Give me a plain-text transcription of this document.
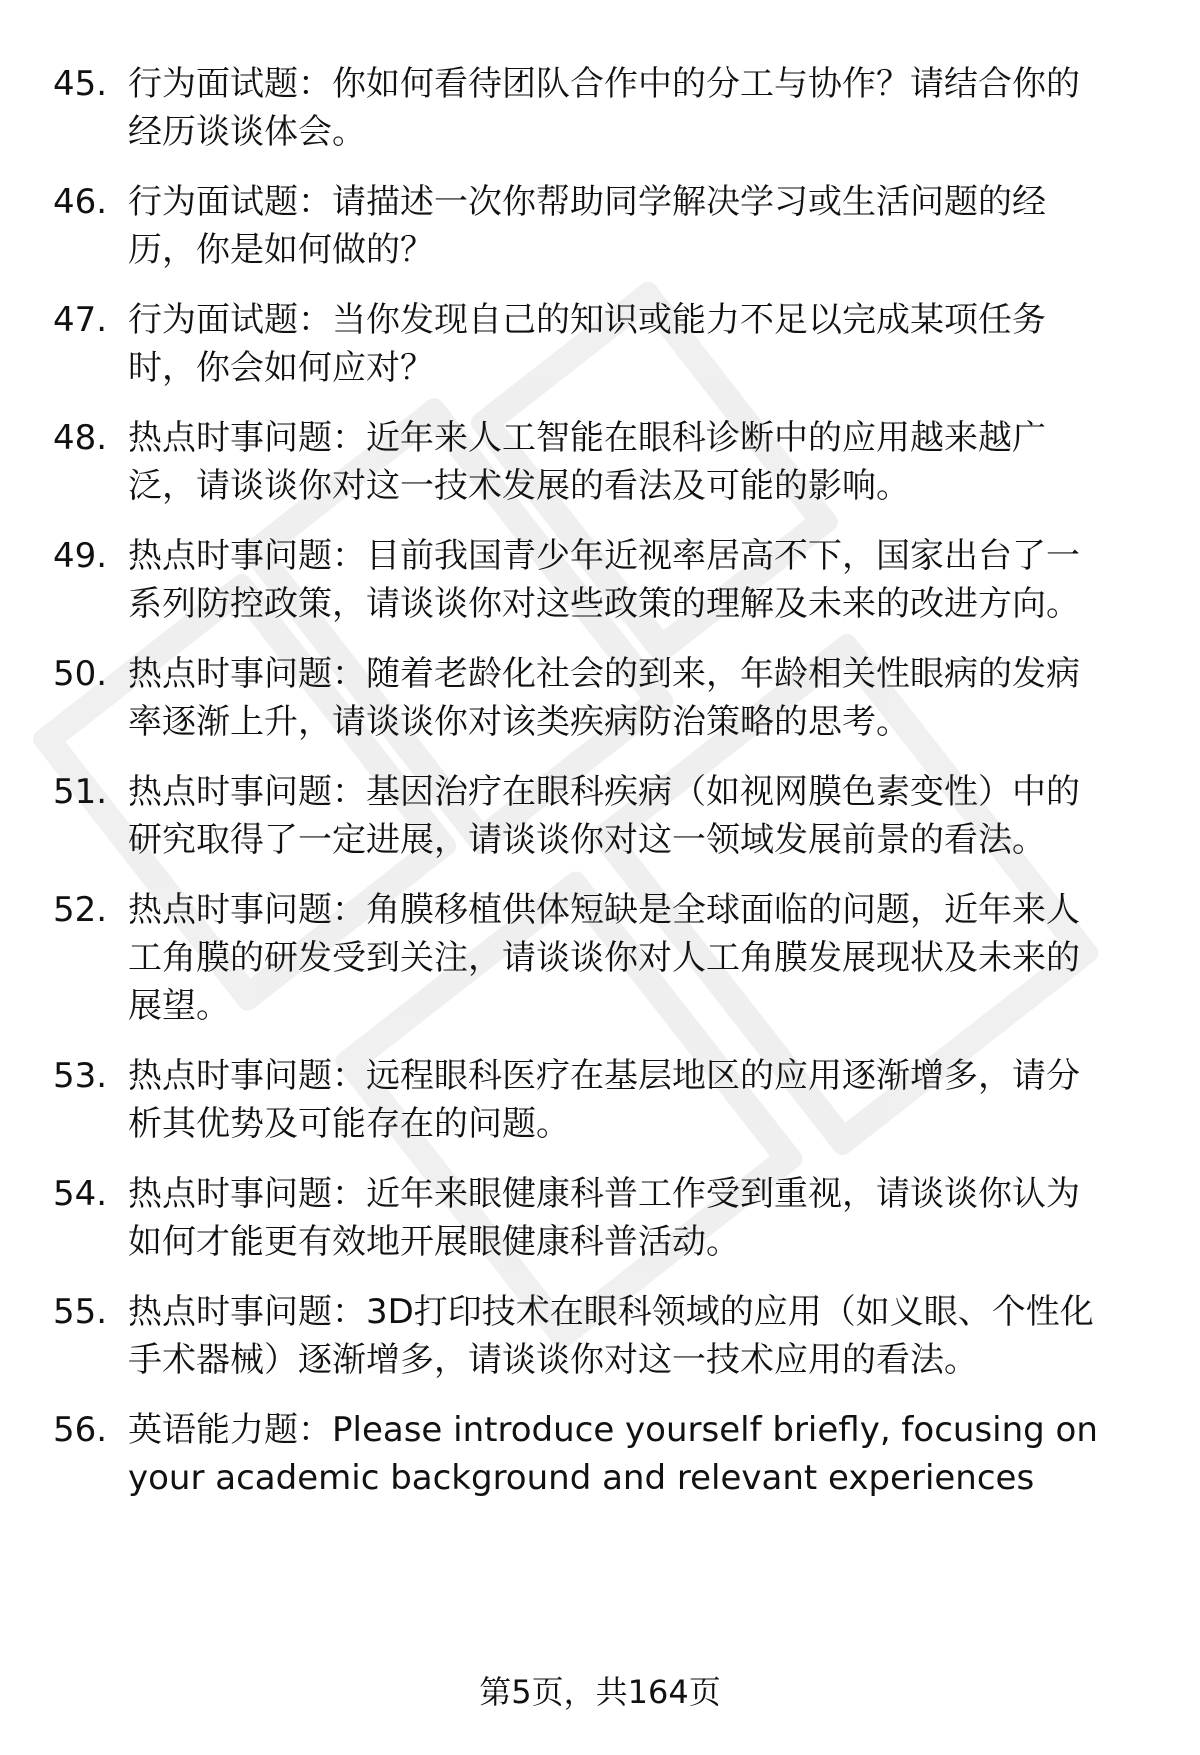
45. 行为面试题：你如何看待团队合作中的分工与协作？请结合你的
经历谈谈体会。
46. 行为面试题：请描述一次你帮助同学解决学习或生活问题的经
历，你是如何做的？
47. 行为面试题：当你发现自己的知识或能力不足以完成某项任务
时，你会如何应对？
48. 热点时事问题：近年来人工智能在眼科诊断中的应用越来越广
泛，请谈谈你对这一技术发展的看法及可能的影响。
49. 热点时事问题：目前我国青少年近视率居高不下，国家出台了一
系列防控政策，请谈谈你对这些政策的理解及未来的改进方向。
50. 热点时事问题：随着老龄化社会的到来，年龄相关性眼病的发病
率逐渐上升，请谈谈你对该类疾病防治策略的思考。
51. 热点时事问题：基因治疗在眼科疾病（如视网膜色素变性）中的
研究取得了一定进展，请谈谈你对这一领域发展前景的看法。
52. 热点时事问题：角膜移植供体短缺是全球面临的问题，近年来人
工角膜的研发受到关注，请谈谈你对人工角膜发展现状及未来的
展望。
53. 热点时事问题：远程眼科医疗在基层地区的应用逐渐增多，请分
析其优势及可能存在的问题。
54. 热点时事问题：近年来眼健康科普工作受到重视，请谈谈你认为
如何才能更有效地开展眼健康科普活动。
55. 热点时事问题：3D打印技术在眼科领域的应用（如义眼、个性化
手术器械）逐渐增多，请谈谈你对这一技术应用的看法。
56. 英语能力题：Please introduce yourself briefly, focusing on
your academic background and relevant experiences
第5页，共164页
